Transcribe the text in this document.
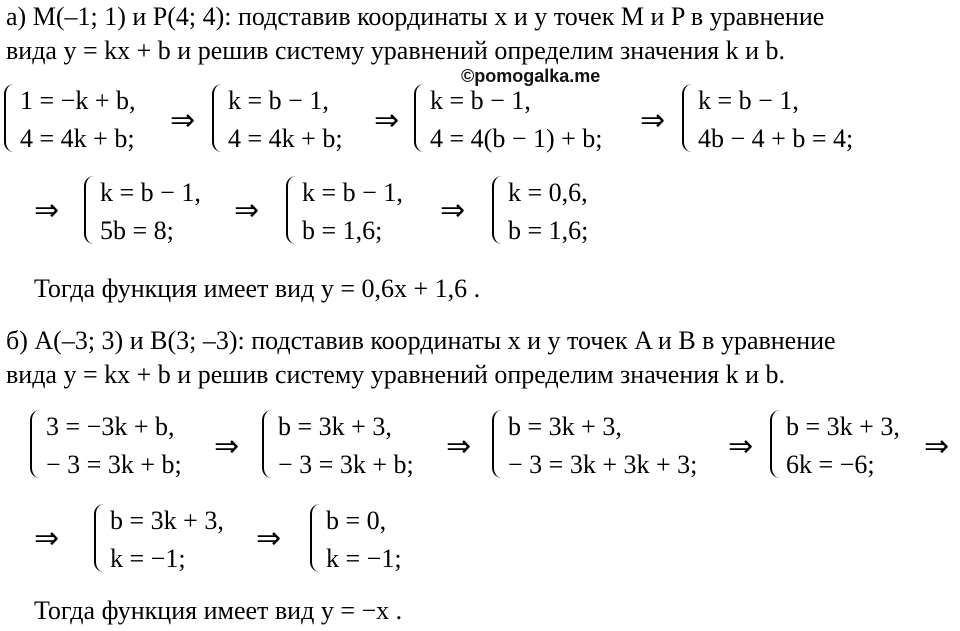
а) M(–1; 1) и P(4; 4): подставив координаты x и y точек M и P в уравнение
вида y = kx + b и решив систему уравнений определим значения k и b.
©pomogalka.me
1 = −k + b,
4 = 4k + b;
⇒
k = b − 1,
4 = 4k + b;
⇒
k = b − 1,
4 = 4(b − 1) + b;
⇒
k = b − 1,
4b − 4 + b = 4;
⇒
k = b − 1,
5b = 8;
⇒
k = b − 1,
b = 1,6;
⇒
k = 0,6,
b = 1,6;
Тогда функция имеет вид y = 0,6x + 1,6 .
б) A(–3; 3) и B(3; –3): подставив координаты x и y точек A и B в уравнение
вида y = kx + b и решив систему уравнений определим значения k и b.
3 = −3k + b,
− 3 = 3k + b;
⇒
b = 3k + 3,
− 3 = 3k + b;
⇒
b = 3k + 3,
− 3 = 3k + 3k + 3;
⇒
b = 3k + 3,
6k = −6;
⇒
⇒
b = 3k + 3,
k = −1;
⇒
b = 0,
k = −1;
Тогда функция имеет вид y = −x .
